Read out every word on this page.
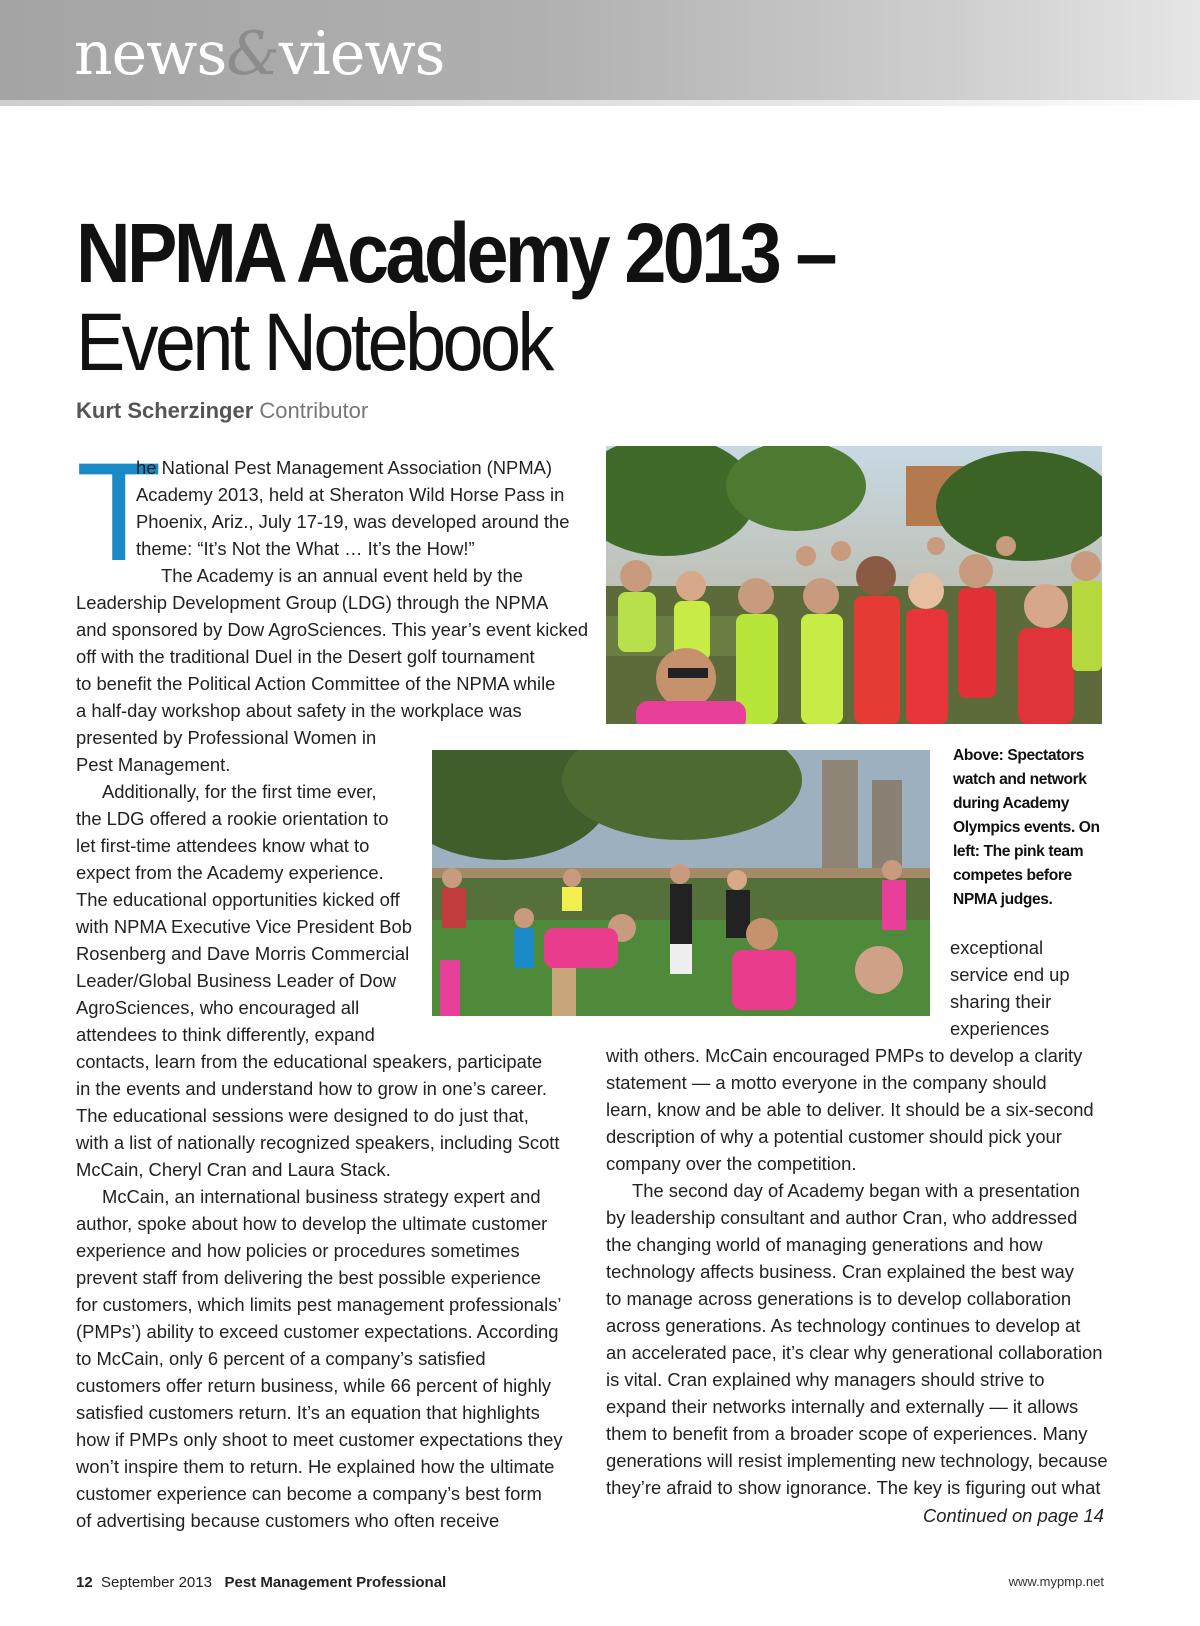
news&views
NPMA Academy 2013 –
Event Notebook
Kurt Scherzinger Contributor
T
he National Pest Management Association (NPMA)
Academy 2013, held at Sheraton Wild Horse Pass in
Phoenix, Ariz., July 17-19, was developed around the
theme: “It’s Not the What … It’s the How!”
The Academy is an annual event held by the
Leadership Development Group (LDG) through the NPMA
and sponsored by Dow AgroSciences. This year’s event kicked
off with the traditional Duel in the Desert golf tournament
to benefit the Political Action Committee of the NPMA while
a half-day workshop about safety in the workplace was
presented by Professional Women in
Pest Management.
Additionally, for the first time ever,
the LDG offered a rookie orientation to
let first-time attendees know what to
expect from the Academy experience.
The educational opportunities kicked off
with NPMA Executive Vice President Bob
Rosenberg and Dave Morris Commercial
Leader/Global Business Leader of Dow
AgroSciences, who encouraged all
attendees to think differently, expand
contacts, learn from the educational speakers, participate
in the events and understand how to grow in one’s career.
The educational sessions were designed to do just that,
with a list of nationally recognized speakers, including Scott
McCain, Cheryl Cran and Laura Stack.
McCain, an international business strategy expert and
author, spoke about how to develop the ultimate customer
experience and how policies or procedures sometimes
prevent staff from delivering the best possible experience
for customers, which limits pest management professionals’
(PMPs’) ability to exceed customer expectations. According
to McCain, only 6 percent of a company’s satisfied
customers offer return business, while 66 percent of highly
satisfied customers return. It’s an equation that highlights
how if PMPs only shoot to meet customer expectations they
won’t inspire them to return. He explained how the ultimate
customer experience can become a company’s best form
of advertising because customers who often receive
Above: Spectators
watch and network
during Academy
Olympics events. On
left: The pink team
competes before
NPMA judges.
exceptional
service end up
sharing their
experiences
with others. McCain encouraged PMPs to develop a clarity
statement — a motto everyone in the company should
learn, know and be able to deliver. It should be a six-second
description of why a potential customer should pick your
company over the competition.
The second day of Academy began with a presentation
by leadership consultant and author Cran, who addressed
the changing world of managing generations and how
technology affects business. Cran explained the best way
to manage across generations is to develop collaboration
across generations. As technology continues to develop at
an accelerated pace, it’s clear why generational collaboration
is vital. Cran explained why managers should strive to
expand their networks internally and externally — it allows
them to benefit from a broader scope of experiences. Many
generations will resist implementing new technology, because
they’re afraid to show ignorance. The key is figuring out what
Continued on page 14
12 September 2013 Pest Management Professional	www.mypmp.net
